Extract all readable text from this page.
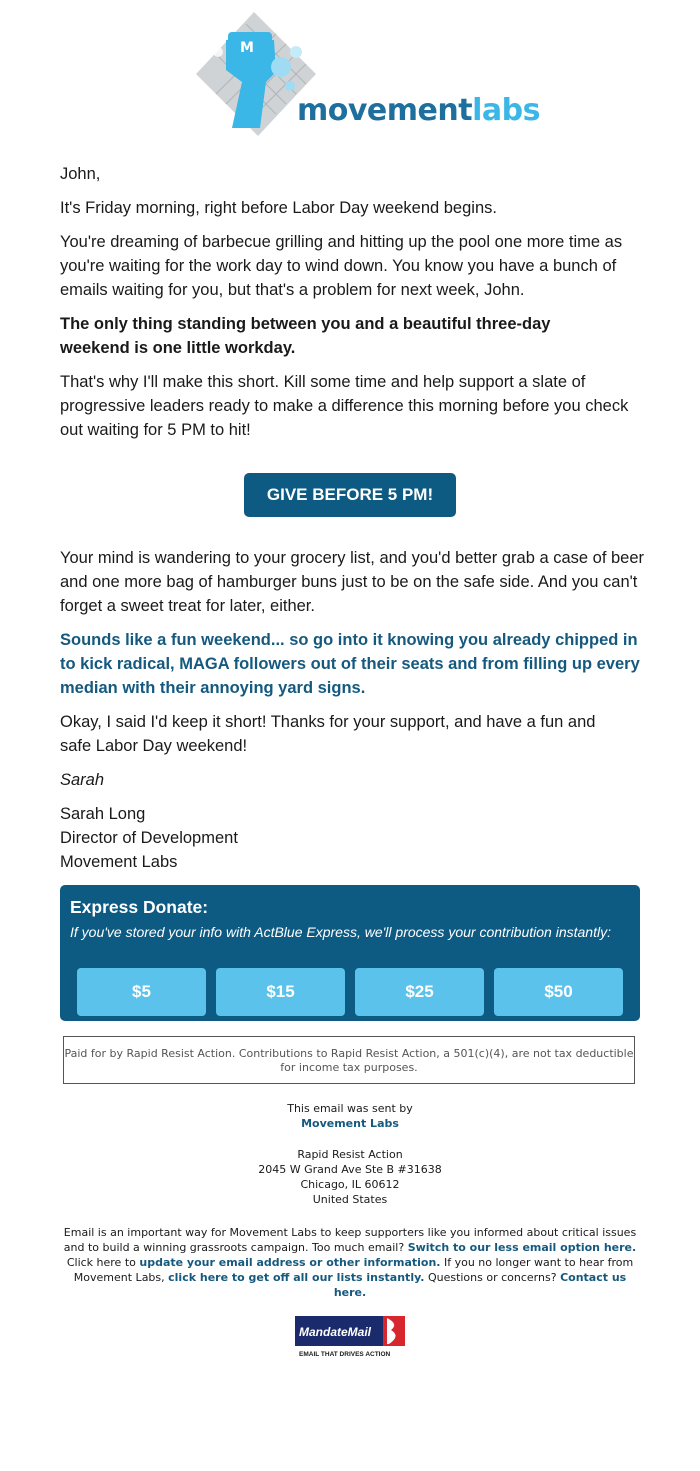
M
movementlabs

John,

It's Friday morning, right before Labor Day weekend begins.

You're dreaming of barbecue grilling and hitting up the pool one more time as you're waiting for the work day to wind down. You know you have a bunch of emails waiting for you, but that's a problem for next week, John.

The only thing standing between you and a beautiful three-day weekend is one little workday.

That's why I'll make this short. Kill some time and help support a slate of progressive leaders ready to make a difference this morning before you check out waiting for 5 PM to hit!

GIVE BEFORE 5 PM!

Your mind is wandering to your grocery list, and you'd better grab a case of beer and one more bag of hamburger buns just to be on the safe side. And you can't forget a sweet treat for later, either.

Sounds like a fun weekend... so go into it knowing you already chipped in to kick radical, MAGA followers out of their seats and from filling up every median with their annoying yard signs.

Okay, I said I'd keep it short! Thanks for your support, and have a fun and safe Labor Day weekend!

Sarah

Sarah Long

Director of Development

Movement Labs

Express Donate:
If you've stored your info with ActBlue Express, we'll process your contribution instantly:
$5	$15	$25	$50
Paid for by Rapid Resist Action. Contributions to Rapid Resist Action, a 501(c)(4), are not tax deductible for income tax purposes.
This email was sent by
Movement Labs
Rapid Resist Action
2045 W Grand Ave Ste B #31638
Chicago, IL 60612
United States
Email is an important way for Movement Labs to keep supporters like you informed about critical issues and to build a winning grassroots campaign. Too much email? Switch to our less email option here. Click here to update your email address or other information. If you no longer want to hear from Movement Labs, click here to get off all our lists instantly. Questions or concerns? Contact us here.
MandateMail
EMAIL THAT DRIVES ACTION
